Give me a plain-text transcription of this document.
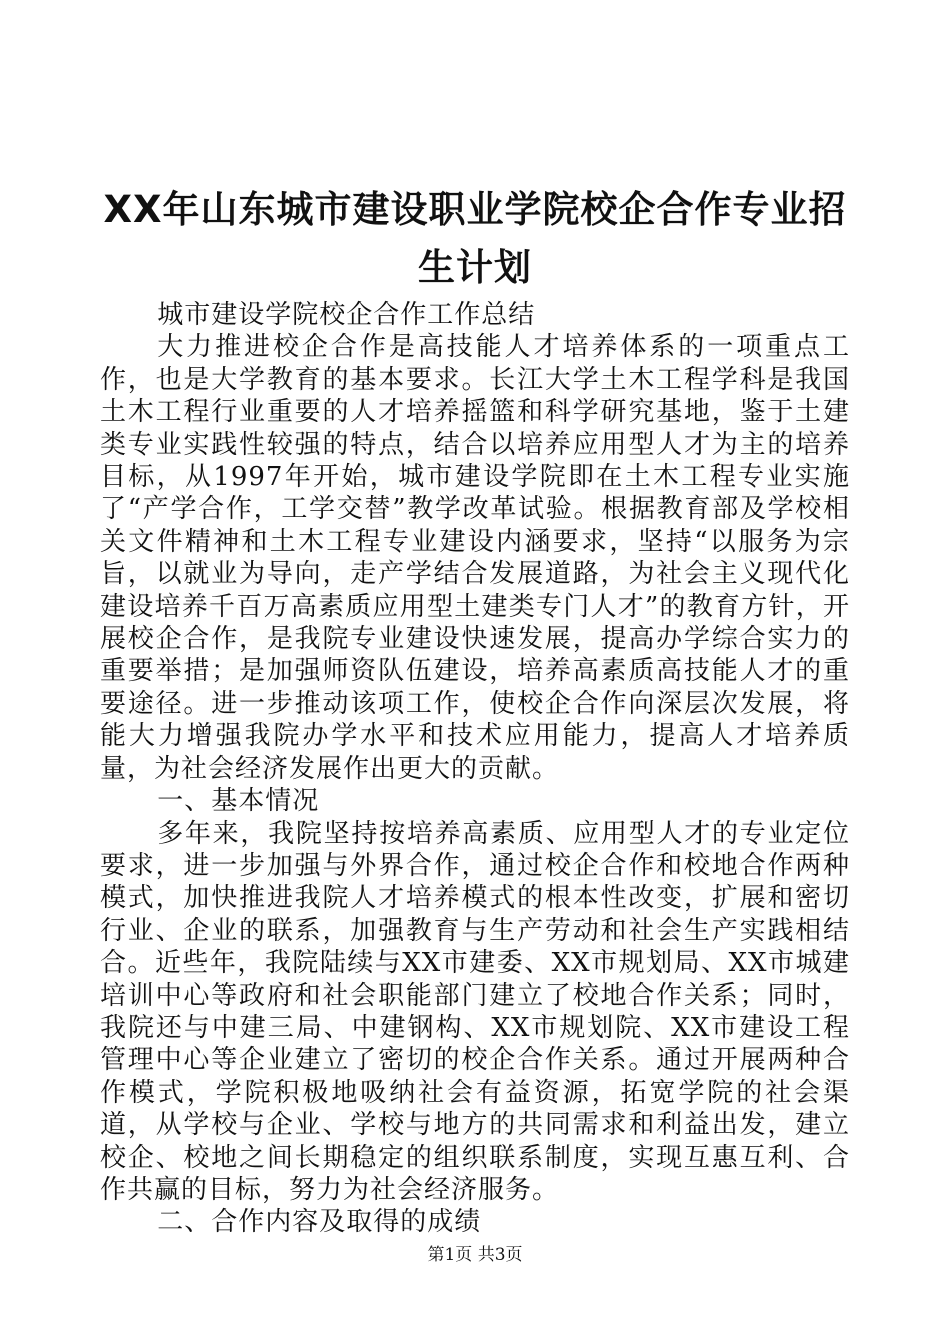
XX年山东城市建设职业学院校企合作专业招
生计划

城市建设学院校企合作工作总结

大力推进校企合作是高技能人才培养体系的一项重点工作，也是大学教育的基本要求。长江大学土木工程学科是我国土木工程行业重要的人才培养摇篮和科学研究基地，鉴于土建类专业实践性较强的特点，结合以培养应用型人才为主的培养目标，从1997年开始，城市建设学院即在土木工程专业实施了“产学合作，工学交替”教学改革试验。根据教育部及学校相关文件精神和土木工程专业建设内涵要求，坚持“以服务为宗旨，以就业为导向，走产学结合发展道路，为社会主义现代化建设培养千百万高素质应用型土建类专门人才”的教育方针，开展校企合作，是我院专业建设快速发展，提高办学综合实力的重要举措；是加强师资队伍建设，培养高素质高技能人才的重要途径。进一步推动该项工作，使校企合作向深层次发展，将能大力增强我院办学水平和技术应用能力，提高人才培养质量，为社会经济发展作出更大的贡献。

一、基本情况

多年来，我院坚持按培养高素质、应用型人才的专业定位要求，进一步加强与外界合作，通过校企合作和校地合作两种模式，加快推进我院人才培养模式的根本性改变，扩展和密切行业、企业的联系，加强教育与生产劳动和社会生产实践相结合。近些年，我院陆续与XX市建委、XX市规划局、XX市城建培训中心等政府和社会职能部门建立了校地合作关系；同时，我院还与中建三局、中建钢构、XX市规划院、XX市建设工程管理中心等企业建立了密切的校企合作关系。通过开展两种合作模式，学院积极地吸纳社会有益资源，拓宽学院的社会渠道，从学校与企业、学校与地方的共同需求和利益出发，建立校企、校地之间长期稳定的组织联系制度，实现互惠互利、合作共赢的目标，努力为社会经济服务。

二、合作内容及取得的成绩

第1页 共3页
